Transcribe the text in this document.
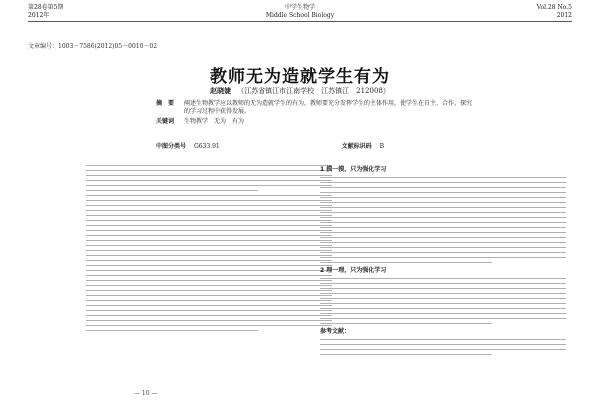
第28卷第5期
2012年
中学生物学
Middle School Biology
Vol.28 No.5
2012
文章编号：1003－7586(2012)05－0010－02
教师无为造就学生有为
赵晓婕 （江苏省镇江市江南学校　江苏镇江　212008）
摘　要 阐述生物教学应以教师的无为造就学生的有为，教师要充分发挥学生的主体作用，使学生在自主、合作、探究的学习过程中获得发展。
关键词 生物教学　无为　有为
中图分类号 G633.91	文献标识码 B
1 摸一摸，只为强化学习
2 理一理，只为强化学习
参考文献：
— 10 —
